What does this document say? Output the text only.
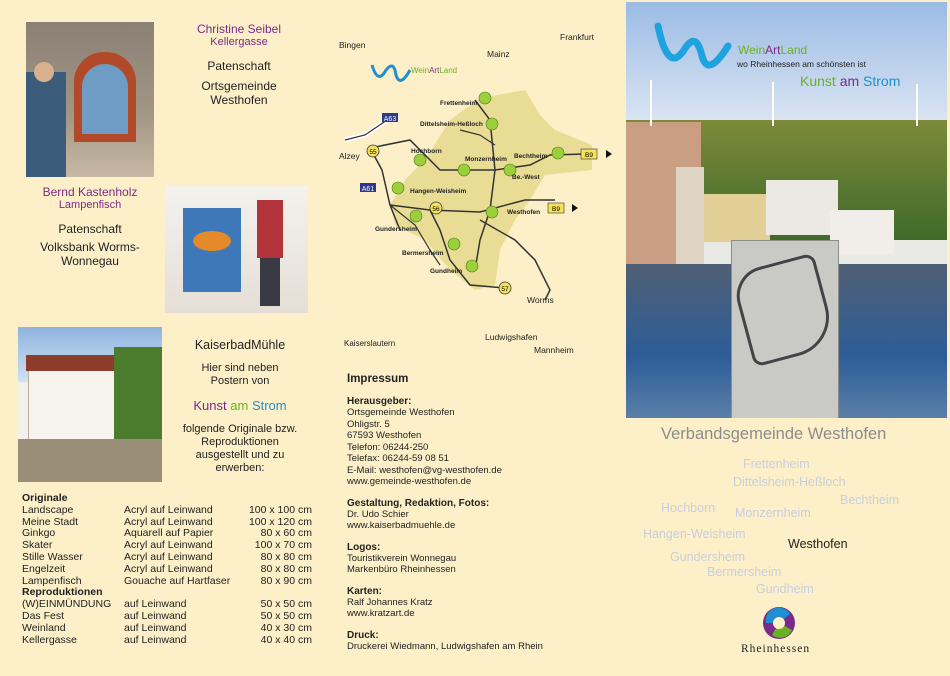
Christine Seibel
Kellergasse
Patenschaft
Ortsgemeinde Westhofen
Bernd Kastenholz
Lampenfisch
Patenschaft
Volksbank Worms-Wonnegau
KaiserbadMühle
Hier sind neben Postern von
Kunst am Strom
folgende Originale bzw. Reproduktionen ausgestellt und zu erwerben:
Originale		
Landscape	Acryl auf Leinwand	100 x 100 cm
Meine Stadt	Acryl auf Leinwand	100 x 120 cm
Ginkgo	Aquarell auf Papier	80 x 60 cm
Skater	Acryl auf Leinwand	100 x 70 cm
Stille Wasser	Acryl auf Leinwand	80 x 80 cm
Engelzeit	Acryl auf Leinwand	80 x 80 cm
Lampenfisch	Gouache auf Hartfaser	80 x 90 cm
Reproduktionen		
(W)EINMÜNDUNG	auf Leinwand	50 x 50 cm
Das Fest	auf Leinwand	50 x 50 cm
Weinland	auf Leinwand	40 x 30 cm
Kellergasse	auf Leinwand	40 x 40 cm
A63
A61
55
56
57
B9
B9
WeinArtLand
Bingen
Mainz
Frankfurt
Alzey
Worms
Kaiserslautern
Ludwigshafen
Mannheim
Frettenheim
Dittelsheim-Heßloch
Hochborn
Monzernheim Bechtheim
Be.-West
Hangen-Weisheim
Westhofen
Gundersheim
Bermersheim
Gundheim
Impressum
Herausgeber:
Ortsgemeinde Westhofen
Ohligstr. 5
67593 Westhofen
Telefon: 06244-250
Telefax: 06244-59 08 51
E-Mail: westhofen@vg-westhofen.de
www.gemeinde-westhofen.de
Gestaltung, Redaktion, Fotos:
Dr. Udo Schier
www.kaiserbadmuehle.de
Logos:
Touristikverein Wonnegau
Markenbüro Rheinhessen
Karten:
Ralf Johannes Kratz
www.kratzart.de
Druck:
Druckerei Wiedmann, Ludwigshafen am Rhein
WeinArtLand
wo Rheinhessen am schönsten ist
Kunst am Strom
Verbandsgemeinde Westhofen
Frettenheim
Dittelsheim-Heßloch
Bechtheim
Hochborn Monzernheim
Hangen-Weisheim
Westhofen
Gundersheim
Bermersheim
Gundheim
Rheinhessen
